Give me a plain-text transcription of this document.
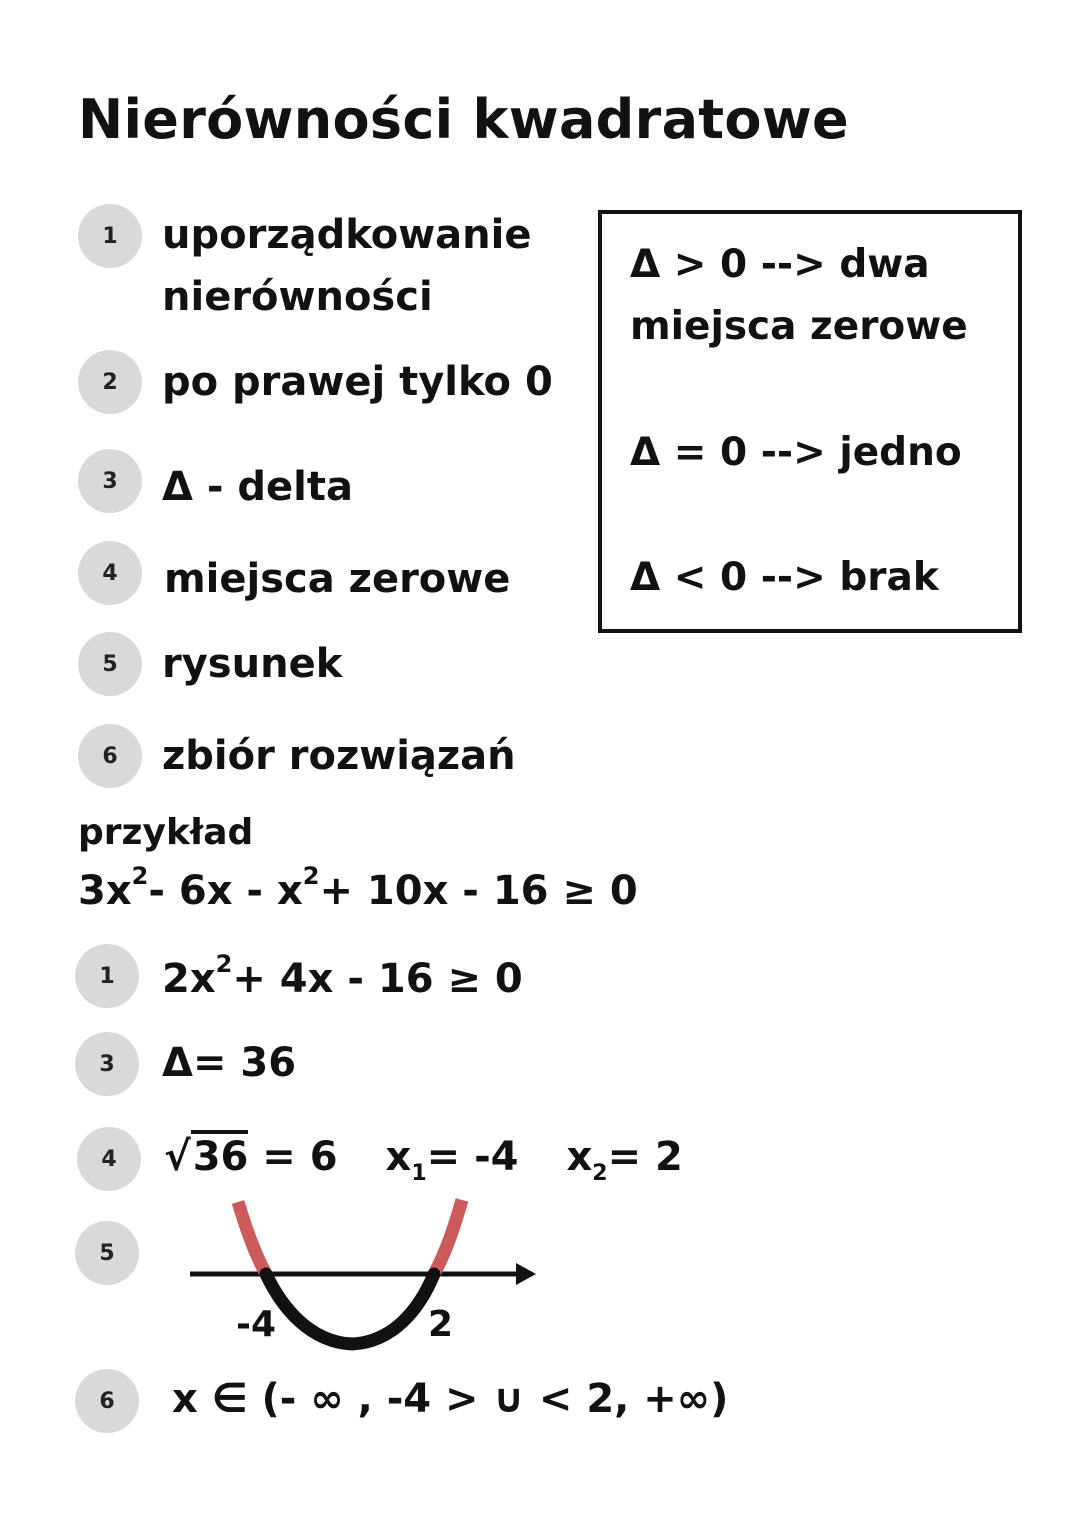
Nierówności kwadratowe
1	uporządkowanie
nierówności
2	po prawej tylko 0
3	Δ - delta
4	miejsca zerowe
5	rysunek
6	zbiór rozwiązań
Δ > 0 --> dwa
miejsca zerowe
Δ = 0 --> jedno
Δ < 0 --> brak
przykład
$3x^2-$ $6x - x^2+ 10x - 16 \ge 0$
1	$2x^2+ 4x - 16 \ge 0$
3	Δ= 36
4	√36 = 6 $x_1= -4$ $x_2= 2$
5
-4	2
6	x ∈ (- ∞ , -4 > ∪ < 2, +∞)
